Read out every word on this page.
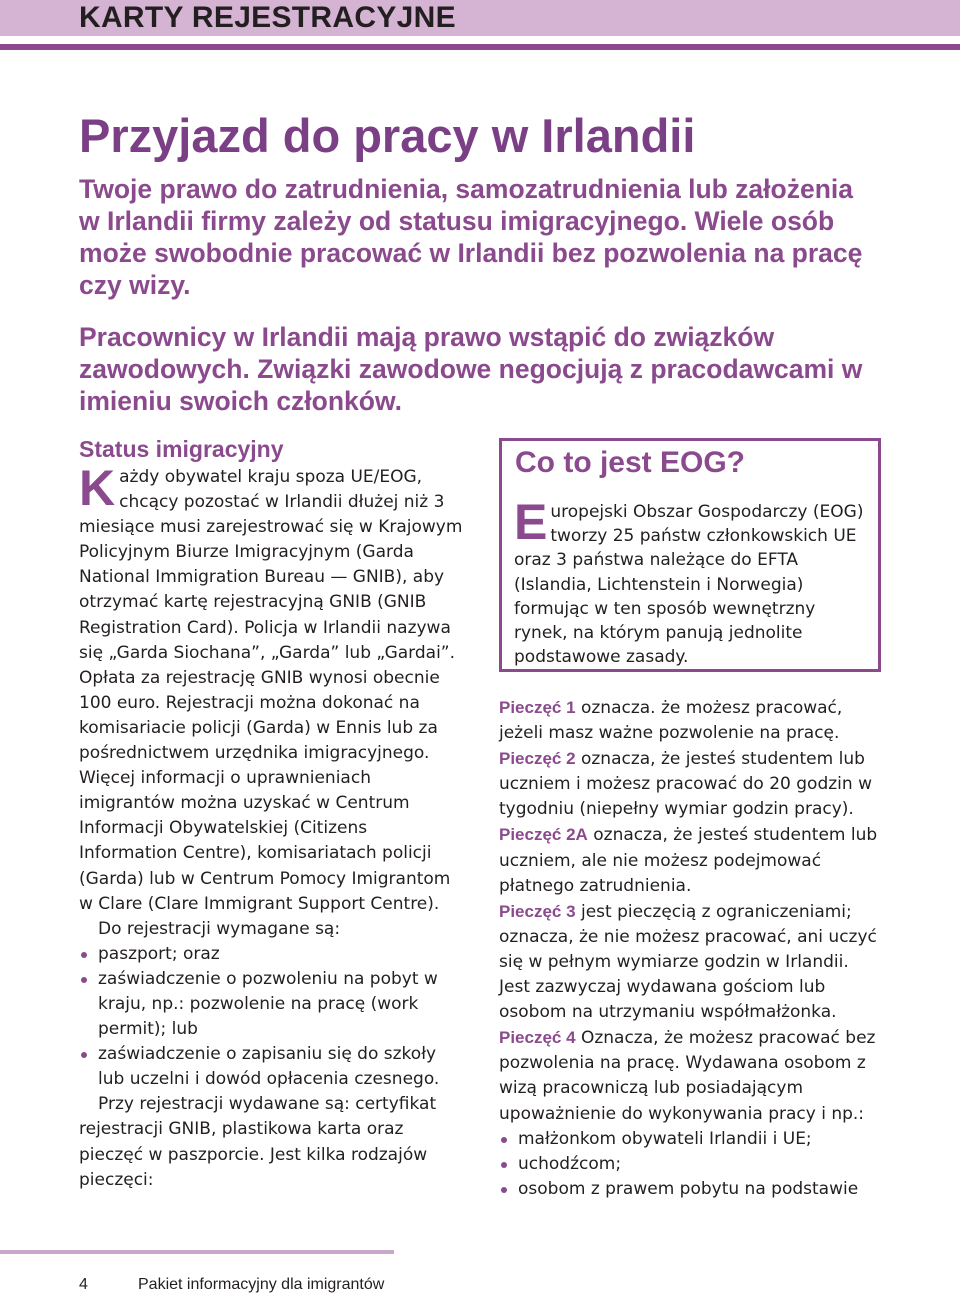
KARTY REJESTRACYJNE
Przyjazd do pracy w Irlandii

Twoje prawo do zatrudnienia, samozatrudnienia lub założenia w Irlandii firmy zależy od statusu imigracyjnego. Wiele osób może swobodnie pracować w Irlandii bez pozwolenia na pracę czy wizy.

Pracownicy w Irlandii mają prawo wstąpić do związków zawodowych. Związki zawodowe negocjują z pracodawcami w imieniu swoich członków.

Status imigracyjny

Każdy obywatel kraju spoza UE/EOG, chcący pozostać w Irlandii dłużej niż 3 miesiące musi zarejestrować się w Krajowym Policyjnym Biurze Imigracyjnym (Garda National Immigration Bureau — GNIB), aby otrzymać kartę rejestracyjną GNIB (GNIB Registration Card). Policja w Irlandii nazywa się „Garda Siochana”, „Garda” lub „Gardai”. Opłata za rejestrację GNIB wynosi obecnie 100 euro. Rejestracji można dokonać na komisariacie policji (Garda) w Ennis lub za pośrednictwem urzędnika imigracyjnego. Więcej informacji o uprawnieniach imigrantów można uzyskać w Centrum Informacji Obywatelskiej (Citizens Information Centre), komisariatach policji (Garda) lub w Centrum Pomocy Imigrantom w Clare (Clare Immigrant Support Centre).

Do rejestracji wymagane są:

paszport; oraz
zaświadczenie o pozwoleniu na pobyt w kraju, np.: pozwolenie na pracę (work permit); lub
zaświadczenie o zapisaniu się do szkoły lub uczelni i dowód opłacenia czesnego.

Przy rejestracji wydawane są: certyfikat rejestracji GNIB, plastikowa karta oraz pieczęć w paszporcie. Jest kilka rodzajów pieczęci:

Co to jest EOG?

Europejski Obszar Gospodarczy (EOG) tworzy 25 państw członkowskich UE oraz 3 państwa należące do EFTA (Islandia, Lichtenstein i Norwegia) formując w ten sposób wewnętrzny rynek, na którym panują jednolite podstawowe zasady.

Pieczęć 1 oznacza. że możesz pracować, jeżeli masz ważne pozwolenie na pracę.

Pieczęć 2 oznacza, że jesteś studentem lub uczniem i możesz pracować do 20 godzin w tygodniu (niepełny wymiar godzin pracy).

Pieczęć 2A oznacza, że jesteś studentem lub uczniem, ale nie możesz podejmować płatnego zatrudnienia.

Pieczęć 3 jest pieczęcią z ograniczeniami; oznacza, że nie możesz pracować, ani uczyć się w pełnym wymiarze godzin w Irlandii. Jest zazwyczaj wydawana gościom lub osobom na utrzymaniu współmałżonka.

Pieczęć 4 Oznacza, że możesz pracować bez pozwolenia na pracę. Wydawana osobom z wizą pracowniczą lub posiadającym upoważnienie do wykonywania pracy i np.:

małżonkom obywateli Irlandii i UE;
uchodźcom;
osobom z prawem pobytu na podstawie
4	Pakiet informacyjny dla imigrantów
